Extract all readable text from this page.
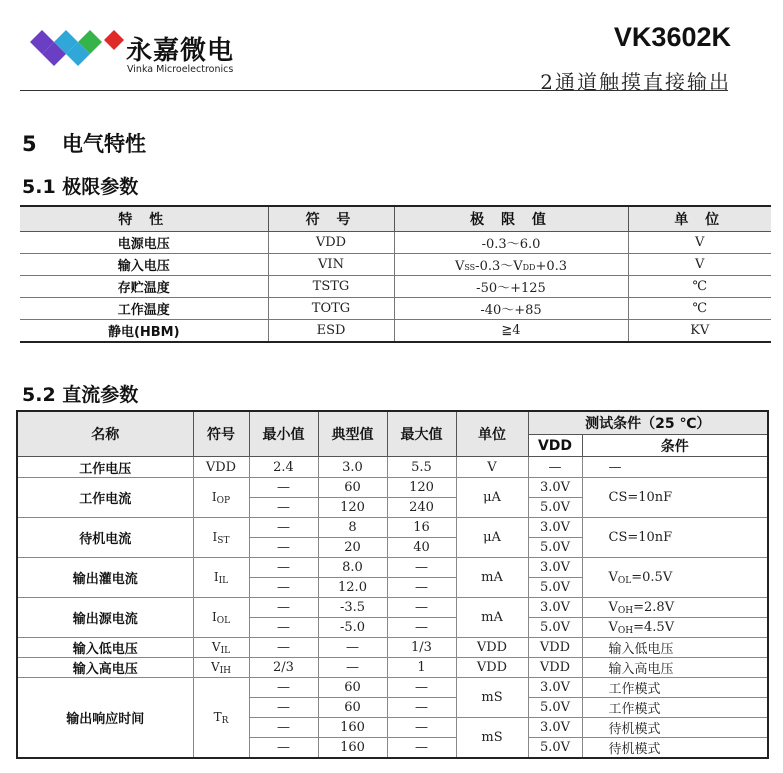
永嘉微电
Vinka Microelectronics
VK3602K
2通道触摸直接输出
5 电气特性
5.1 极限参数
特 性	符 号	极 限 值	单 位
电源电压	VDD	-0.3～6.0	V
输入电压	VIN	VSS-0.3～VDD+0.3	V
存贮温度	TSTG	-50～+125	℃
工作温度	TOTG	-40～+85	℃
静电(HBM)	ESD	≧4	KV
5.2 直流参数
名称	符号	最小值	典型值	最大值	单位	测试条件（25 ℃）	
						VDD	条件
工作电压	VDD	2.4	3.0	5.5	V	—	—
工作电流	IOP	—	60	120	μA	3.0V	CS=10nF
		—	120	240		5.0V	
待机电流	IST	—	8	16	μA	3.0V	CS=10nF
		—	20	40		5.0V	
输出灌电流	IIL	—	8.0	—	mA	3.0V	VOL=0.5V
		—	12.0	—		5.0V	
输出源电流	IOL	—	-3.5	—	mA	3.0V	VOH=2.8V
		—	-5.0	—		5.0V	VOH=4.5V
输入低电压	VIL	—	—	1/3	VDD	VDD	输入低电压
输入高电压	VIH	2/3	—	1	VDD	VDD	输入高电压
输出响应时间	TR	—	60	—	mS	3.0V	工作模式
		—	60	—		5.0V	工作模式
		—	160	—	mS	3.0V	待机模式
		—	160	—		5.0V	待机模式
